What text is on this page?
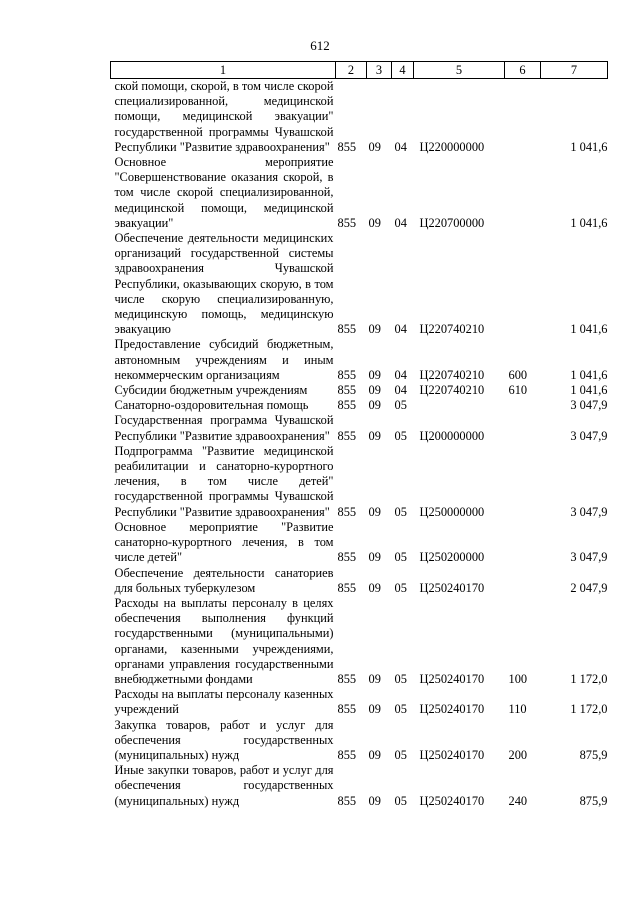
612
1	2	3	4	5	6	7
ской помощи, скорой, в том числе скорой специализированной, медицинской помощи, медицинской эвакуации" государственной программы Чувашской Республики "Развитие здравоохранения"	855	09	04	Ц220000000		1 041,6
Основное мероприятие "Совершенствование оказания скорой, в том числе скорой специализированной, медицинской помощи, медицинской эвакуации"	855	09	04	Ц220700000		1 041,6
Обеспечение деятельности медицинских организаций государственной системы здравоохранения Чувашской Республики, оказывающих скорую, в том числе скорую специализированную, медицинскую помощь, медицинскую эвакуацию	855	09	04	Ц220740210		1 041,6
Предоставление субсидий бюджетным, автономным учреждениям и иным некоммерческим организациям	855	09	04	Ц220740210	600	1 041,6
Субсидии бюджетным учреждениям	855	09	04	Ц220740210	610	1 041,6
Санаторно-оздоровительная помощь	855	09	05			3 047,9
Государственная программа Чувашской Республики "Развитие здравоохранения"	855	09	05	Ц200000000		3 047,9
Подпрограмма "Развитие медицинской реабилитации и санаторно-курортного лечения, в том числе детей" государственной программы Чувашской Республики "Развитие здравоохранения"	855	09	05	Ц250000000		3 047,9
Основное мероприятие "Развитие санаторно-курортного лечения, в том числе детей"	855	09	05	Ц250200000		3 047,9
Обеспечение деятельности санаториев для больных туберкулезом	855	09	05	Ц250240170		2 047,9
Расходы на выплаты персоналу в целях обеспечения выполнения функций государственными (муниципальными) органами, казенными учреждениями, органами управления государственными внебюджетными фондами	855	09	05	Ц250240170	100	1 172,0
Расходы на выплаты персоналу казенных учреждений	855	09	05	Ц250240170	110	1 172,0
Закупка товаров, работ и услуг для обеспечения государственных (муниципальных) нужд	855	09	05	Ц250240170	200	875,9
Иные закупки товаров, работ и услуг для обеспечения государственных (муниципальных) нужд	855	09	05	Ц250240170	240	875,9
